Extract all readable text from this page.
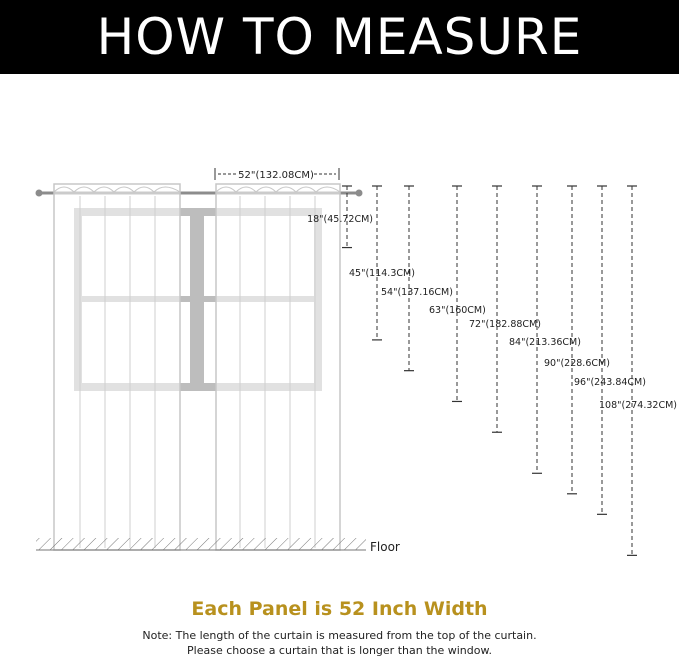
HOW TO MEASURE
52"(132.08CM)
Floor
18"(45.72CM)
45"(114.3CM)
54"(137.16CM)
63"(160CM)
72"(182.88CM)
84"(213.36CM)
90"(228.6CM)
96"(243.84CM)
108"(274.32CM)
Each Panel is 52 Inch Width
Note: The length of the curtain is measured from the top of the curtain.
Please choose a curtain that is longer than the window.
